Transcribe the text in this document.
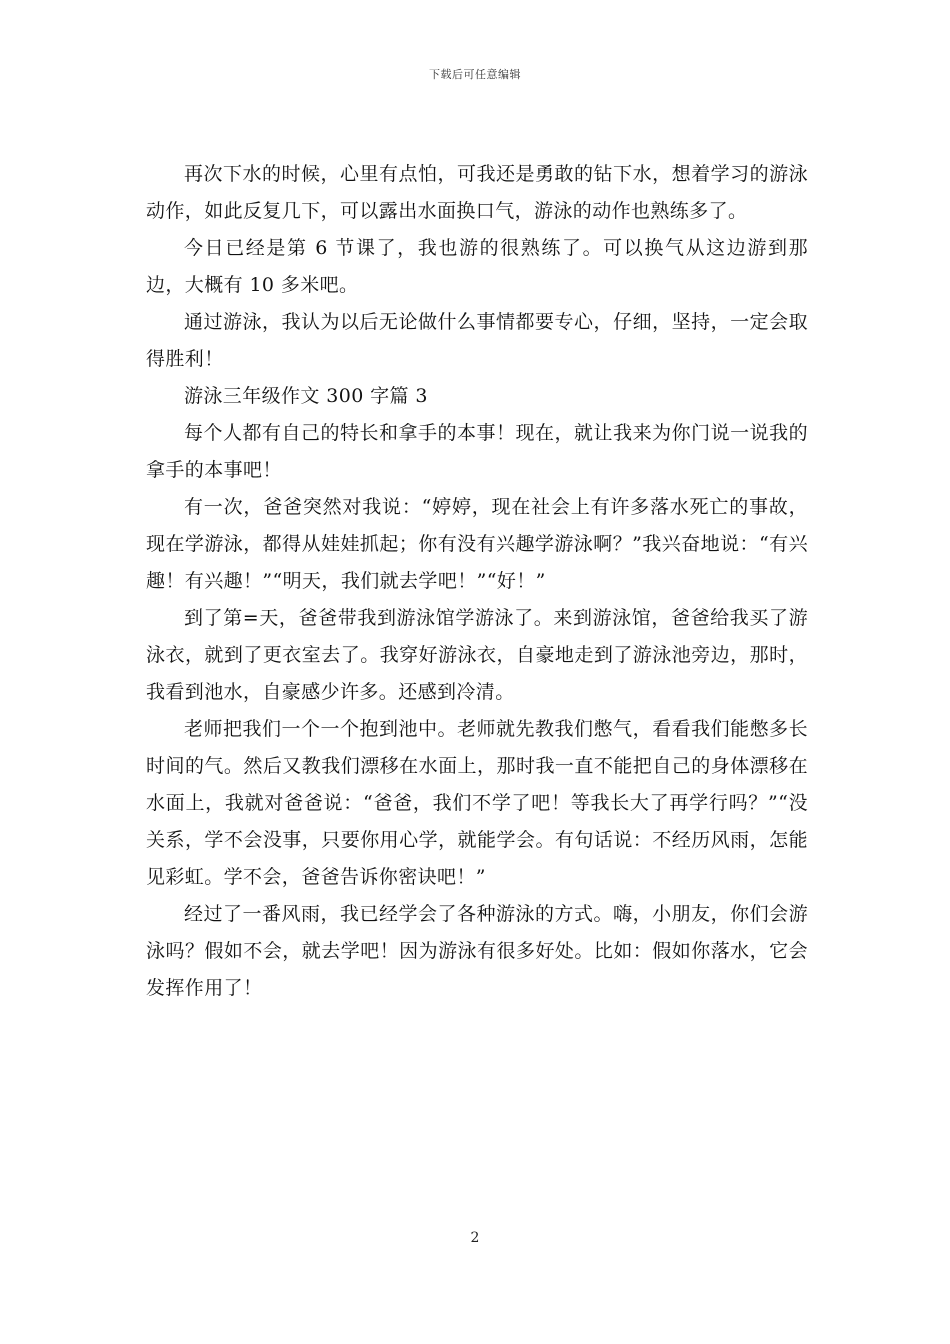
下载后可任意编辑

再次下水的时候，心里有点怕，可我还是勇敢的钻下水，想着学习的游泳动作，如此反复几下，可以露出水面换口气，游泳的动作也熟练多了。

今日已经是第 6 节课了，我也游的很熟练了。可以换气从这边游到那边，大概有 10 多米吧。

通过游泳，我认为以后无论做什么事情都要专心，仔细，坚持，一定会取得胜利！

游泳三年级作文 300 字篇 3

每个人都有自己的特长和拿手的本事！现在，就让我来为你门说一说我的拿手的本事吧！

有一次，爸爸突然对我说：“婷婷，现在社会上有许多落水死亡的事故，现在学游泳，都得从娃娃抓起；你有没有兴趣学游泳啊？”我兴奋地说：“有兴趣！有兴趣！”“明天，我们就去学吧！”“好！”

到了第=天，爸爸带我到游泳馆学游泳了。来到游泳馆，爸爸给我买了游泳衣，就到了更衣室去了。我穿好游泳衣，自豪地走到了游泳池旁边，那时，我看到池水，自豪感少许多。还感到冷清。

老师把我们一个一个抱到池中。老师就先教我们憋气，看看我们能憋多长时间的气。然后又教我们漂移在水面上，那时我一直不能把自己的身体漂移在水面上，我就对爸爸说：“爸爸，我们不学了吧！等我长大了再学行吗？”“没关系，学不会没事，只要你用心学，就能学会。有句话说：不经历风雨，怎能见彩虹。学不会，爸爸告诉你密诀吧！”

经过了一番风雨，我已经学会了各种游泳的方式。嗨，小朋友，你们会游泳吗？假如不会，就去学吧！因为游泳有很多好处。比如：假如你落水，它会发挥作用了！

2
